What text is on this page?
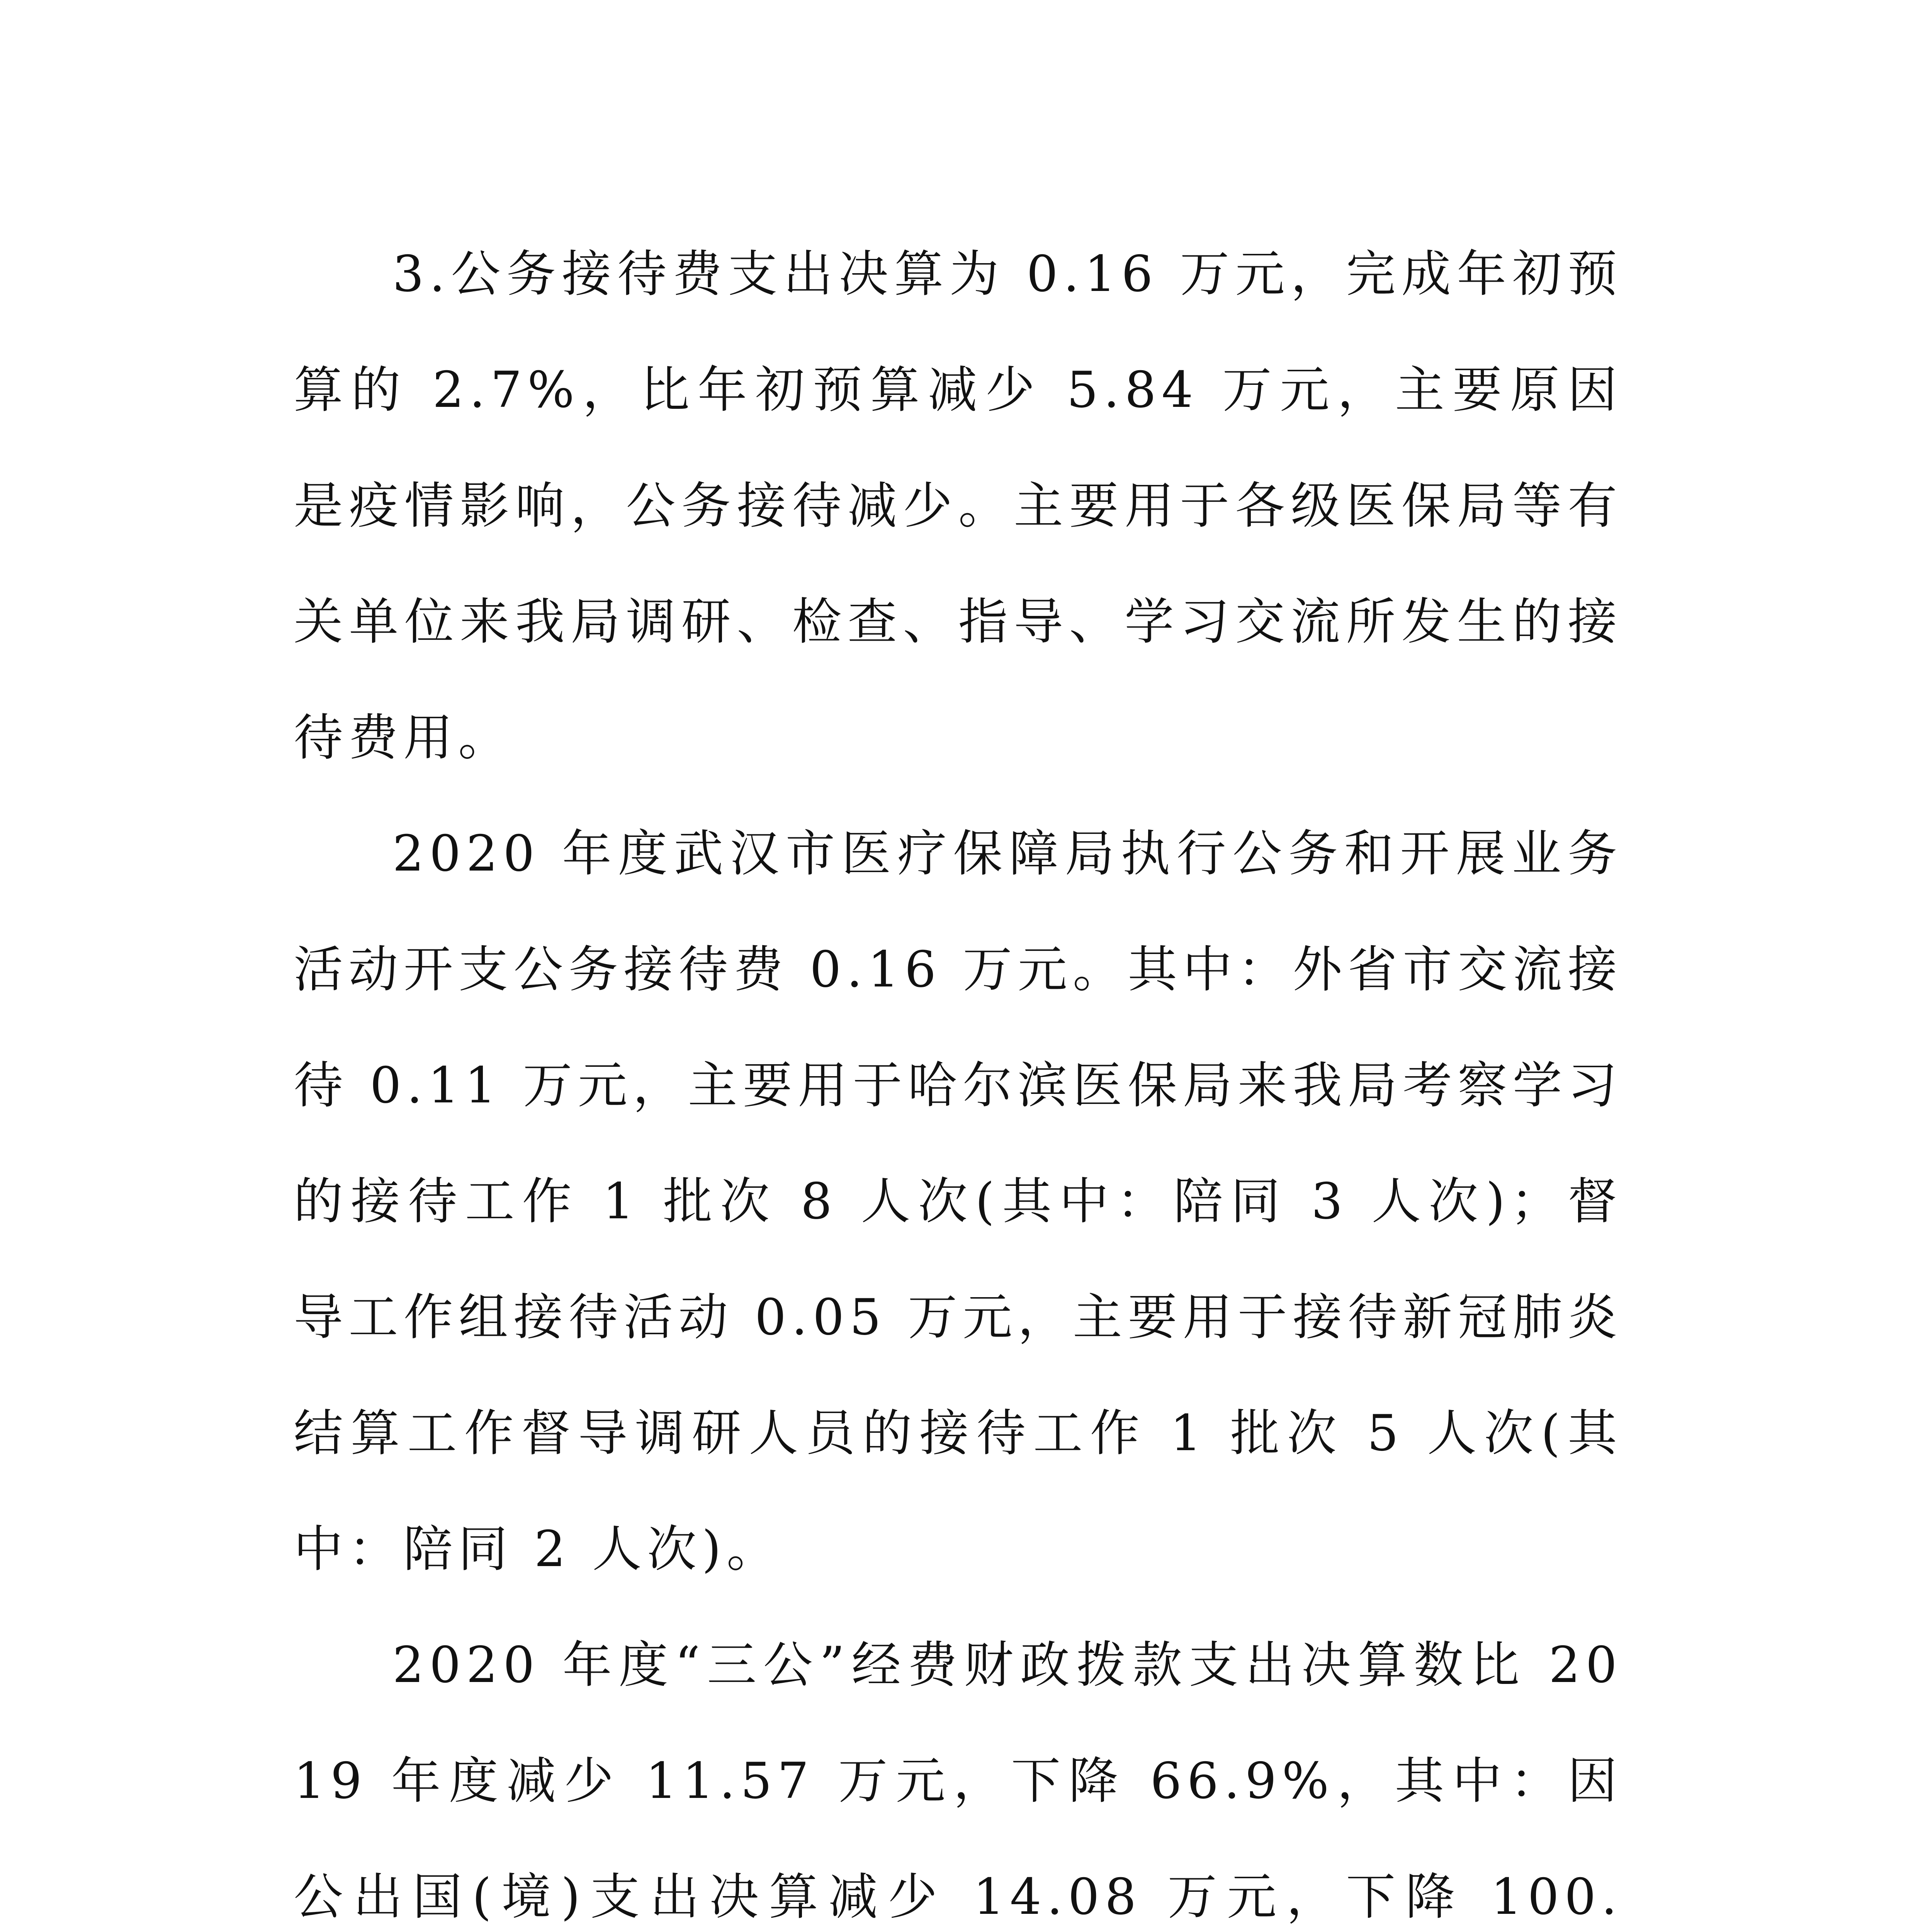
3.公务接待费支出决算为 0.16 万元，完成年初预算的 2.7%，比年初预算减少 5.84 万元，主要原因是疫情影响，公务接待减少。主要用于各级医保局等有关单位来我局调研、检查、指导、学习交流所发生的接待费用。

2020 年度武汉市医疗保障局执行公务和开展业务活动开支公务接待费 0.16 万元。其中：外省市交流接待 0.11 万元，主要用于哈尔滨医保局来我局考察学习的接待工作 1 批次 8 人次(其中：陪同 3 人次)；督导工作组接待活动 0.05 万元，主要用于接待新冠肺炎结算工作督导调研人员的接待工作 1 批次 5 人次(其中：陪同 2 人次)。

2020 年度“三公”经费财政拨款支出决算数比 2019 年度减少 11.57 万元，下降 66.9%，其中：因公出国(境)支出决算减少 14.08 万元，下降 100.
